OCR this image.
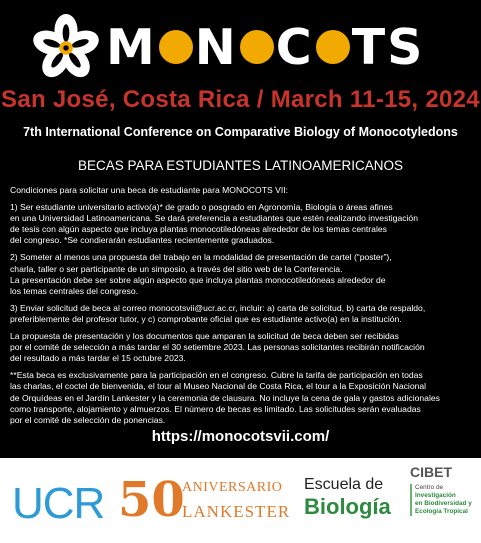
M N C TS
San José, Costa Rica / March 11-15, 2024
7th International Conference on Comparative Biology of Monocotyledons
BECAS PARA ESTUDIANTES LATINOAMERICANOS

Condiciones para solicitar una beca de estudiante para MONOCOTS VII:

1) Ser estudiante universitario activo(a)* de grado o posgrado en Agronomía, Biología o áreas afines
en una Universidad Latinoamericana. Se dará preferencia a estudiantes que estén realizando investigación
de tesis con algún aspecto que incluya plantas monocotiledóneas alrededor de los temas centrales
del congreso. *Se condierarán estudiantes recientemente graduados.

2) Someter al menos una propuesta del trabajo en la modalidad de presentación de cartel (“poster”),
charla, taller o ser participante de un simposio, a través del sitio web de la Conferencia.
La presentación debe ser sobre algún aspecto que incluya plantas monocotiledóneas alrededor de
los temas centrales del congreso.

3) Enviar solicitud de beca al correo monocotsvii@ucr.ac.cr, incluir: a) carta de solicitud, b) carta de respaldo,
preferiblemente del profesor tutor, y c) comprobante oficial que es estudiante activo(a) en la institución.

La propuesta de presentación y los documentos que amparan la solicitud de beca deben ser recibidas
por el comité de selección a más tardar el 30 setiembre 2023. Las personas solicitantes recibirán notificación
del resultado a más tardar el 15 octubre 2023.

**Esta beca es exclusivamente para la participación en el congreso. Cubre la tarifa de participación en todas
las charlas, el coctel de bienvenida, el tour al Museo Nacional de Costa Rica, el tour a la Exposición Nacional
de Orquídeas en el Jardín Lankester y la ceremonia de clausura. No incluye la cena de gala y gastos adicionales
como transporte, alojamiento y almuerzos. El número de becas es limitado. Las solicitudes serán evaluadas
por el comité de selección de ponencias.

https://monocotsvii.com/
UCR 50
ANIVERSARIO
LANKESTER
Escuela de
Biología
CIBET
Centro de
Investigación
en Biodiversidad y
Ecología Tropical
